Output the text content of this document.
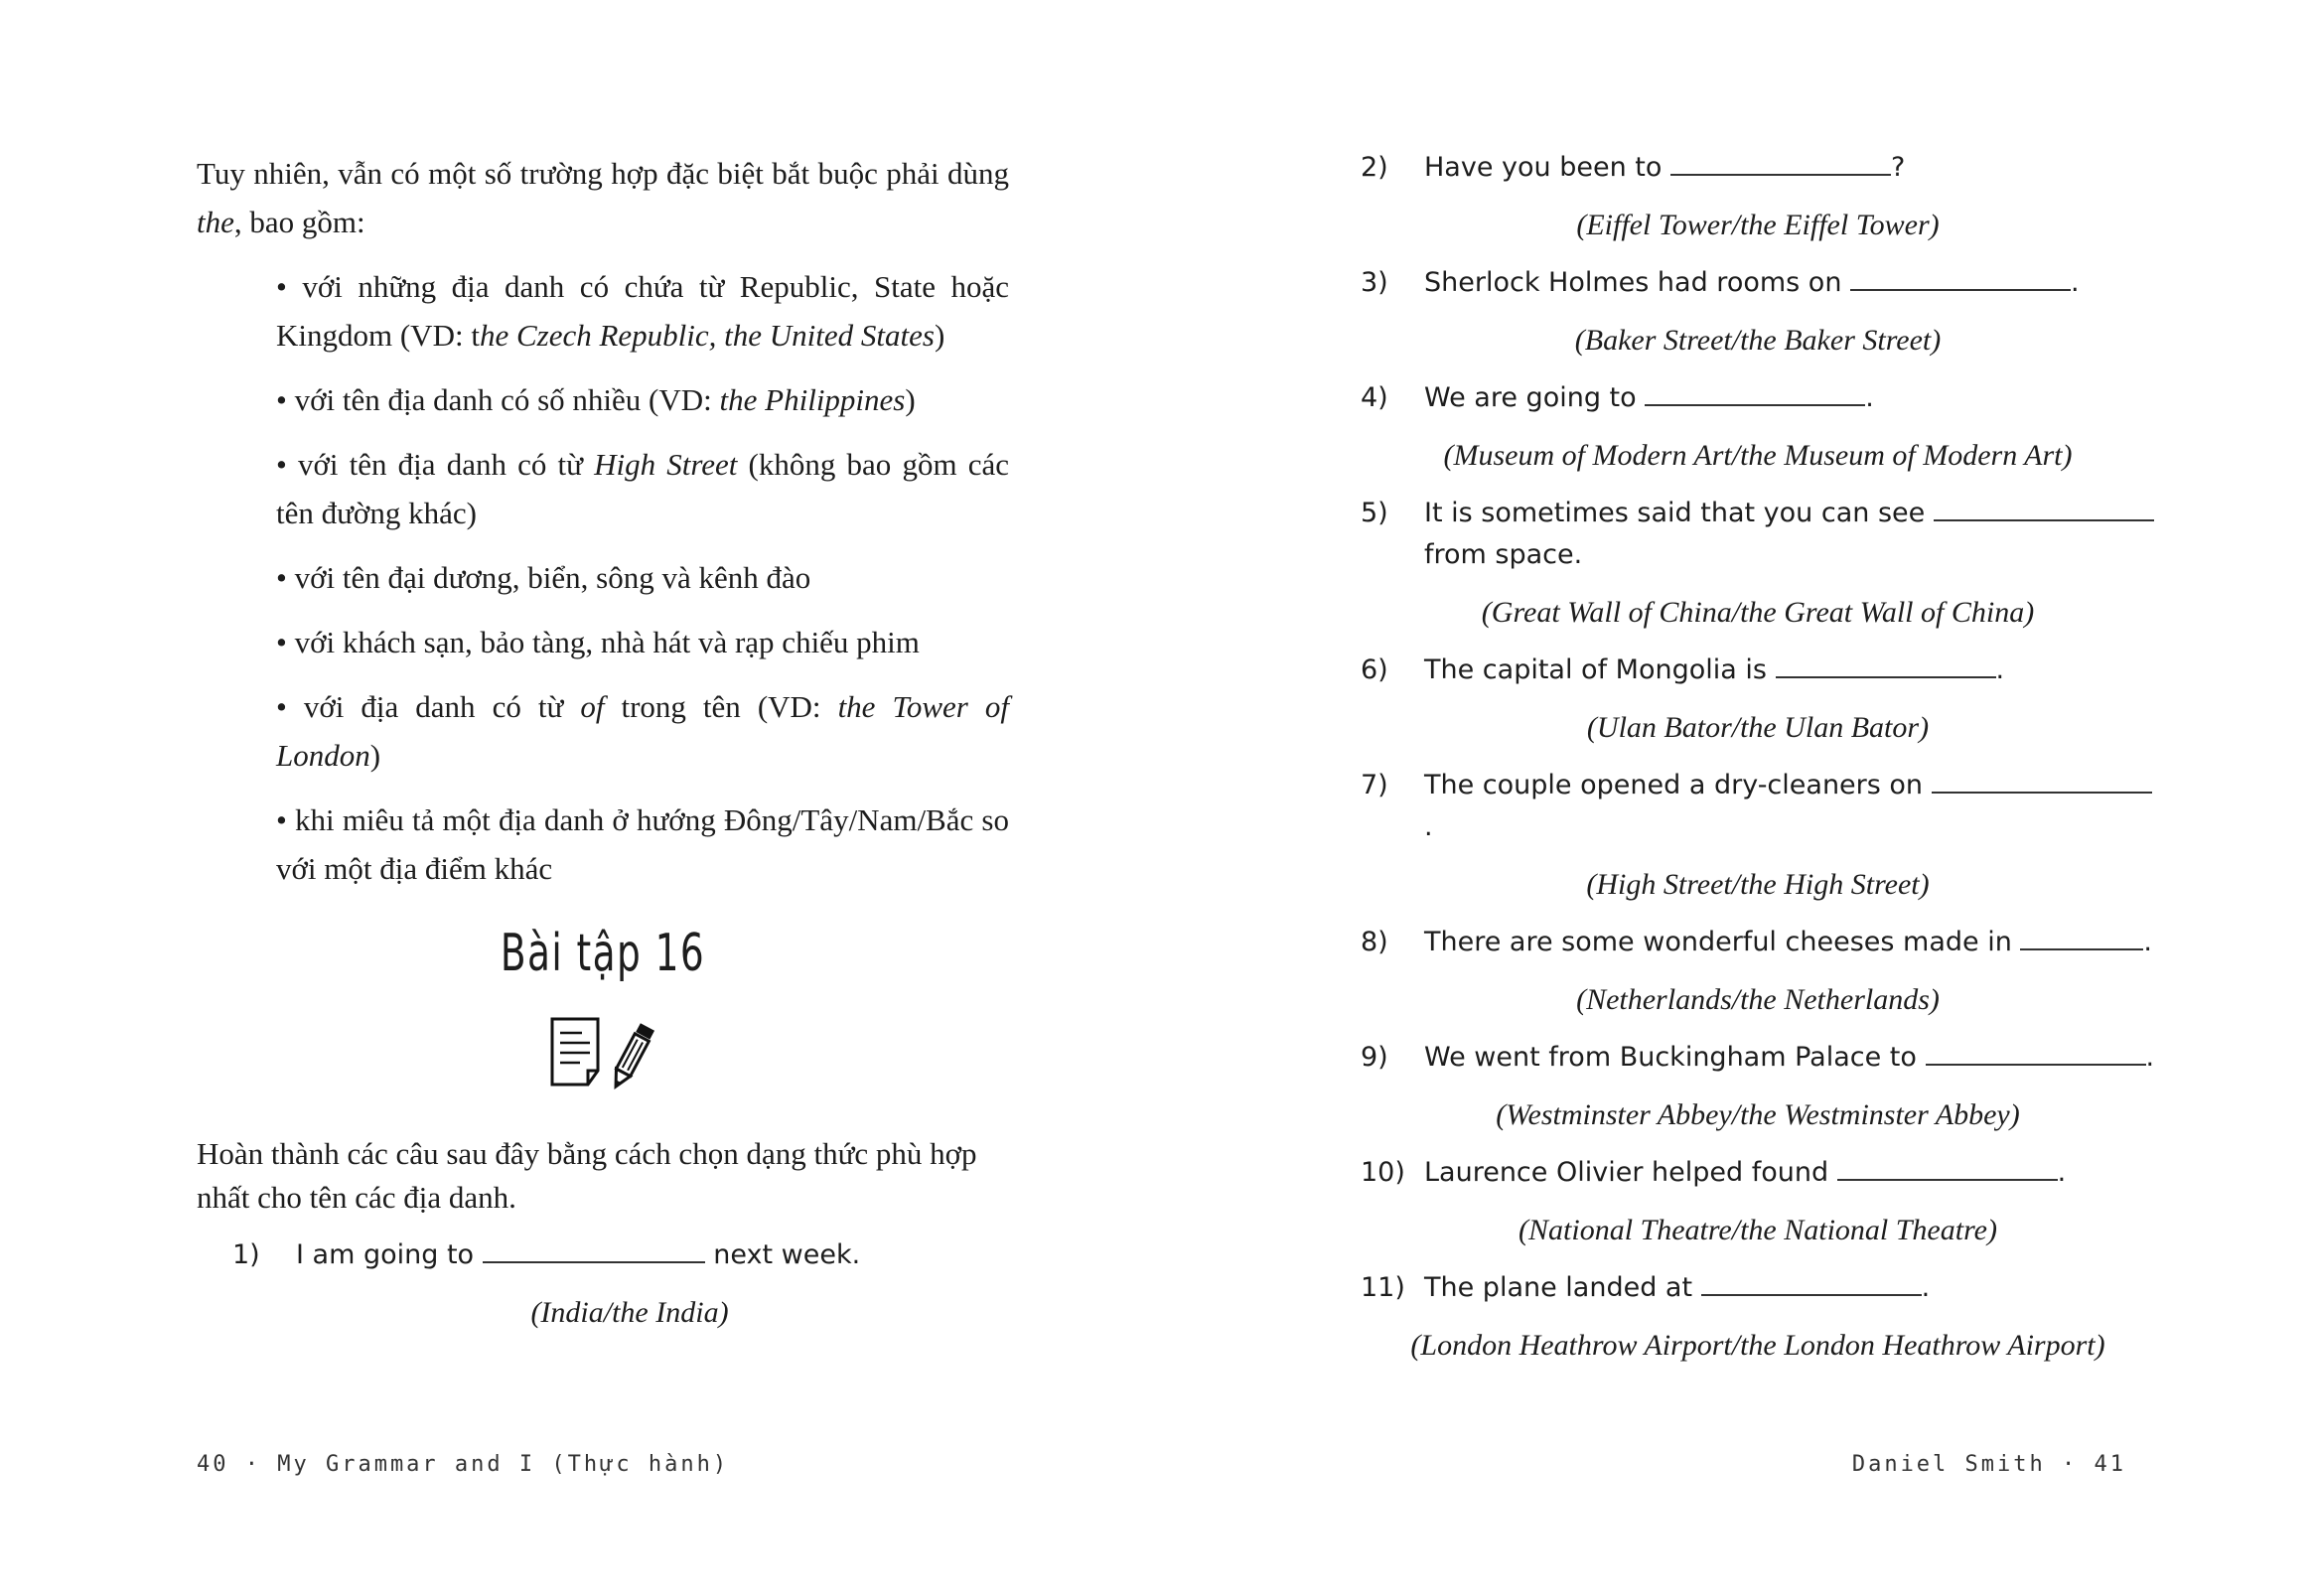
Tuy nhiên, vẫn có một số trường hợp đặc biệt bắt buộc phải dùng the, bao gồm:

• với những địa danh có chứa từ Republic, State hoặc Kingdom (VD: the Czech Republic, the United States)
• với tên địa danh có số nhiều (VD: the Philippines)
• với tên địa danh có từ High Street (không bao gồm các tên đường khác)
• với tên đại dương, biển, sông và kênh đào
• với khách sạn, bảo tàng, nhà hát và rạp chiếu phim
• với địa danh có từ of trong tên (VD: the Tower of London)
• khi miêu tả một địa danh ở hướng Đông/Tây/Nam/Bắc so với một địa điểm khác
Bài tập 16

Hoàn thành các câu sau đây bằng cách chọn dạng thức phù hợp nhất cho tên các địa danh.

1)	I am going to	next week.
(India/the India)
40 · My Grammar and I (Thực hành)	Daniel Smith · 41
2)	Have you been to	?
(Eiffel Tower/the Eiffel Tower)
3)	Sherlock Holmes had rooms on	.
(Baker Street/the Baker Street)
4)	We are going to	.
(Museum of Modern Art/the Museum of Modern Art)
5)	It is sometimes said that you can see  from space.
(Great Wall of China/the Great Wall of China)
6)	The capital of Mongolia is	.
(Ulan Bator/the Ulan Bator)
7)	The couple opened a dry-cleaners on .
(High Street/the High Street)
8)	There are some wonderful cheeses made in	.
(Netherlands/the Netherlands)
9)	We went from Buckingham Palace to	.
(Westminster Abbey/the Westminster Abbey)
10) Laurence Olivier helped found	.
(National Theatre/the National Theatre)
11) The plane landed at	.
(London Heathrow Airport/the London Heathrow Airport)
